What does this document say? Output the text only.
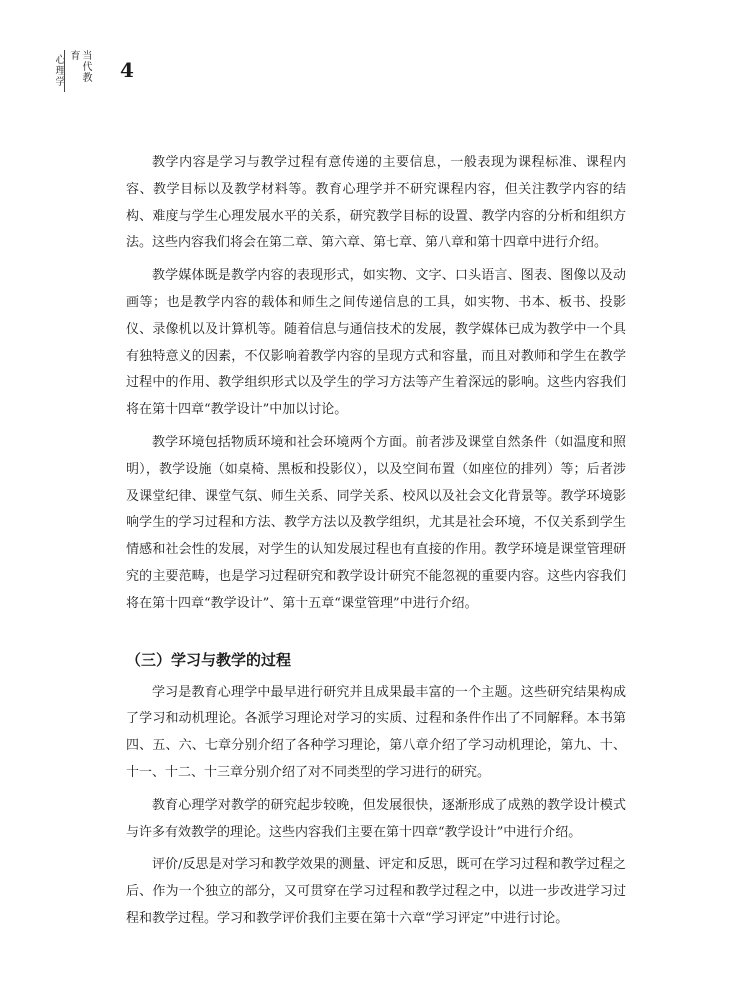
心理学	当代教育
4

教学内容是学习与教学过程有意传递的主要信息，一般表现为课程标准、课程内容、教学目标以及教学材料等。教育心理学并不研究课程内容，但关注教学内容的结构、难度与学生心理发展水平的关系，研究教学目标的设置、教学内容的分析和组织方法。这些内容我们将会在第二章、第六章、第七章、第八章和第十四章中进行介绍。

教学媒体既是教学内容的表现形式，如实物、文字、口头语言、图表、图像以及动画等；也是教学内容的载体和师生之间传递信息的工具，如实物、书本、板书、投影仪、录像机以及计算机等。随着信息与通信技术的发展，教学媒体已成为教学中一个具有独特意义的因素，不仅影响着教学内容的呈现方式和容量，而且对教师和学生在教学过程中的作用、教学组织形式以及学生的学习方法等产生着深远的影响。这些内容我们将在第十四章“教学设计”中加以讨论。

教学环境包括物质环境和社会环境两个方面。前者涉及课堂自然条件（如温度和照明），教学设施（如桌椅、黑板和投影仪），以及空间布置（如座位的排列）等；后者涉及课堂纪律、课堂气氛、师生关系、同学关系、校风以及社会文化背景等。教学环境影响学生的学习过程和方法、教学方法以及教学组织，尤其是社会环境，不仅关系到学生情感和社会性的发展，对学生的认知发展过程也有直接的作用。教学环境是课堂管理研究的主要范畴，也是学习过程研究和教学设计研究不能忽视的重要内容。这些内容我们将在第十四章“教学设计”、第十五章“课堂管理”中进行介绍。

（三）学习与教学的过程

学习是教育心理学中最早进行研究并且成果最丰富的一个主题。这些研究结果构成了学习和动机理论。各派学习理论对学习的实质、过程和条件作出了不同解释。本书第四、五、六、七章分别介绍了各种学习理论，第八章介绍了学习动机理论，第九、十、十一、十二、十三章分别介绍了对不同类型的学习进行的研究。

教育心理学对教学的研究起步较晚，但发展很快，逐渐形成了成熟的教学设计模式与许多有效教学的理论。这些内容我们主要在第十四章“教学设计”中进行介绍。

评价/反思是对学习和教学效果的测量、评定和反思，既可在学习过程和教学过程之后、作为一个独立的部分，又可贯穿在学习过程和教学过程之中，以进一步改进学习过程和教学过程。学习和教学评价我们主要在第十六章“学习评定”中进行讨论。
